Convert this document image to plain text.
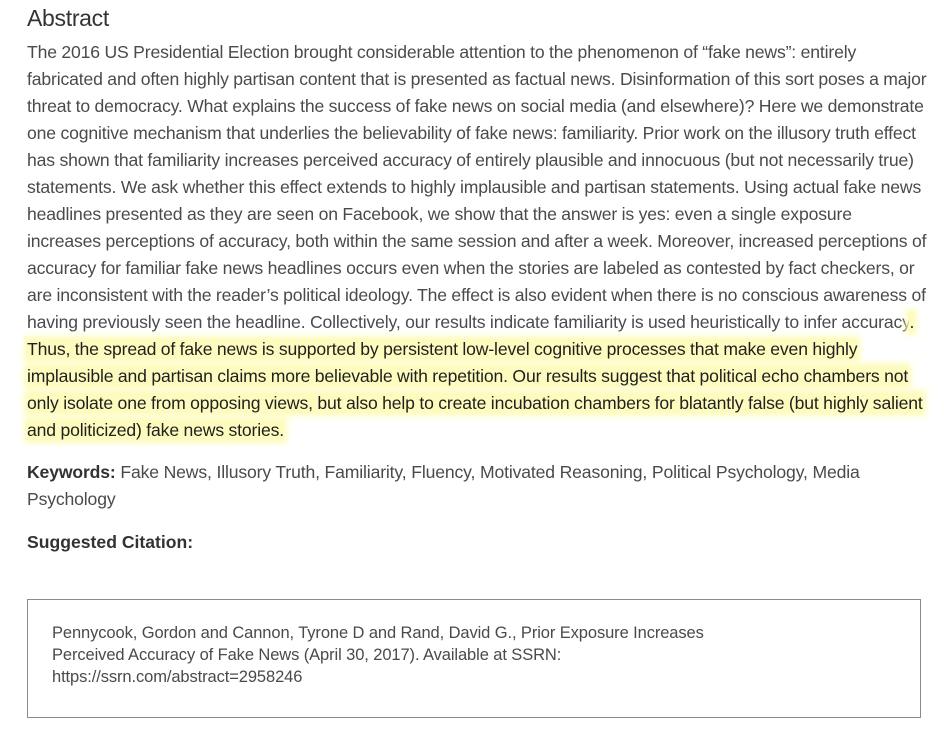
Abstract

The 2016 US Presidential Election brought considerable attention to the phenomenon of “fake news”: entirely fabricated and often highly partisan content that is presented as factual news. Disinformation of this sort poses a major threat to democracy. What explains the success of fake news on social media (and elsewhere)? Here we demonstrate one cognitive mechanism that underlies the believability of fake news: familiarity. Prior work on the illusory truth effect has shown that familiarity increases perceived accuracy of entirely plausible and innocuous (but not necessarily true) statements. We ask whether this effect extends to highly implausible and partisan statements. Using actual fake news headlines presented as they are seen on Facebook, we show that the answer is yes: even a single exposure increases perceptions of accuracy, both within the same session and after a week. Moreover, increased perceptions of accuracy for familiar fake news headlines occurs even when the stories are labeled as contested by fact checkers, or are inconsistent with the reader’s political ideology. The effect is also evident when there is no conscious awareness of having previously seen the headline. Collectively, our results indicate familiarity is used heuristically to infer accuracy. Thus, the spread of fake news is supported by persistent low-level cognitive processes that make even highly implausible and partisan claims more believable with repetition. Our results suggest that political echo chambers not only isolate one from opposing views, but also help to create incubation chambers for blatantly false (but highly salient and politicized) fake news stories.

Keywords: Fake News, Illusory Truth, Familiarity, Fluency, Motivated Reasoning, Political Psychology, Media Psychology
Suggested Citation:
Pennycook, Gordon and Cannon, Tyrone D and Rand, David G., Prior Exposure Increases
Perceived Accuracy of Fake News (April 30, 2017). Available at SSRN:
https://ssrn.com/abstract=2958246
